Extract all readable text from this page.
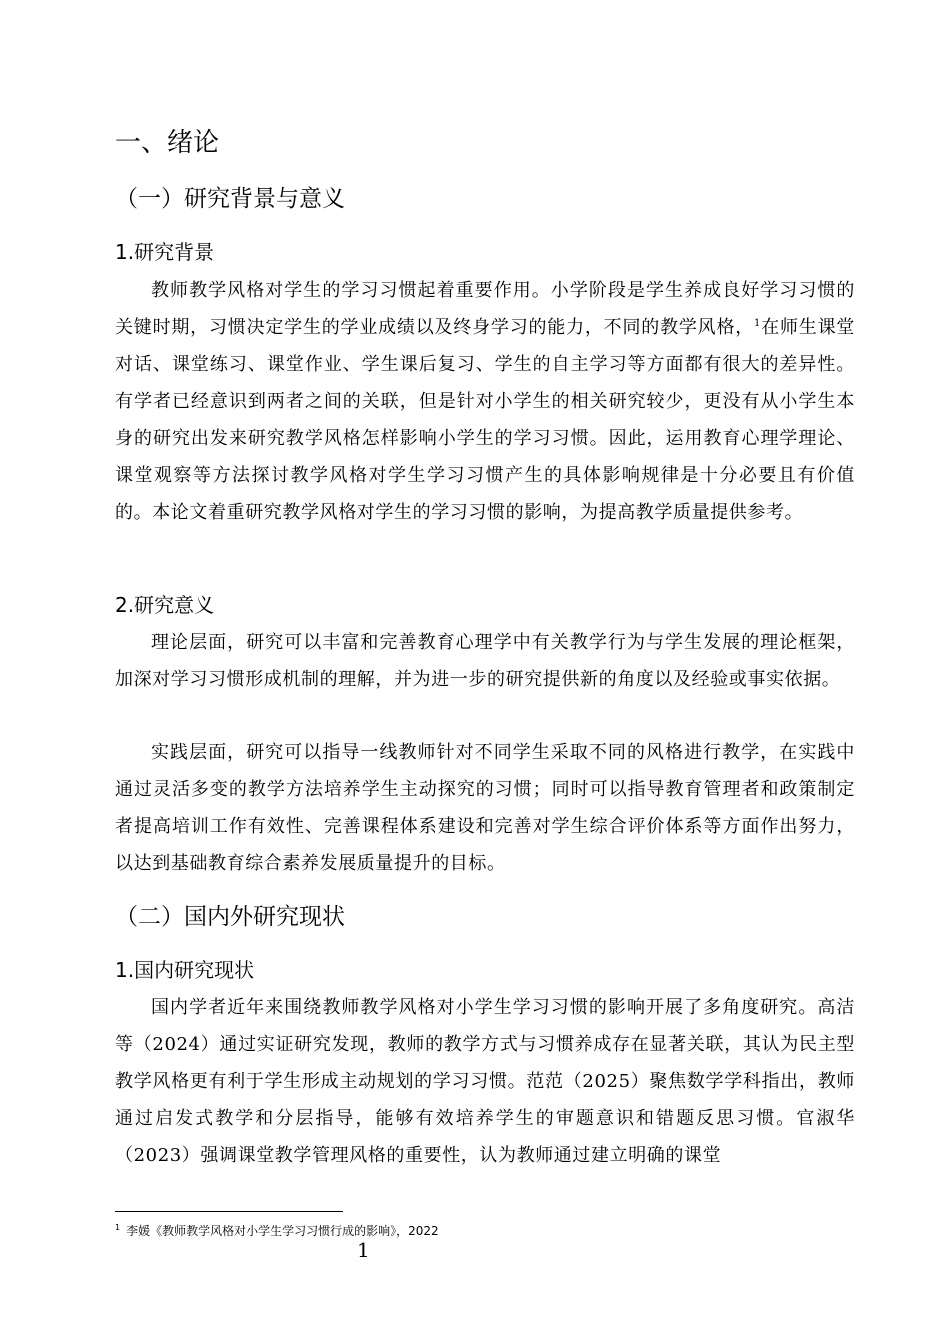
一、绪论
（一）研究背景与意义
1.研究背景

教师教学风格对学生的学习习惯起着重要作用。小学阶段是学生养成良好学习习惯的关键时期，习惯决定学生的学业成绩以及终身学习的能力，不同的教学风格，$^1$在师生课堂对话、课堂练习、课堂作业、学生课后复习、学生的自主学习等方面都有很大的差异性。有学者已经意识到两者之间的关联，但是针对小学生的相关研究较少，更没有从小学生本身的研究出发来研究教学风格怎样影响小学生的学习习惯。因此，运用教育心理学理论、课堂观察等方法探讨教学风格对学生学习习惯产生的具体影响规律是十分必要且有价值的。本论文着重研究教学风格对学生的学习习惯的影响，为提高教学质量提供参考。

2.研究意义

理论层面，研究可以丰富和完善教育心理学中有关教学行为与学生发展的理论框架，加深对学习习惯形成机制的理解，并为进一步的研究提供新的角度以及经验或事实依据。

实践层面，研究可以指导一线教师针对不同学生采取不同的风格进行教学，在实践中通过灵活多变的教学方法培养学生主动探究的习惯；同时可以指导教育管理者和政策制定者提高培训工作有效性、完善课程体系建设和完善对学生综合评价体系等方面作出努力，以达到基础教育综合素养发展质量提升的目标。

（二）国内外研究现状
1.国内研究现状

国内学者近年来围绕教师教学风格对小学生学习习惯的影响开展了多角度研究。高洁等（2024）通过实证研究发现，教师的教学方式与习惯养成存在显著关联，其认为民主型教学风格更有利于学生形成主动规划的学习习惯。范范（2025）聚焦数学学科指出，教师通过启发式教学和分层指导，能够有效培养学生的审题意识和错题反思习惯。官淑华（2023）强调课堂教学管理风格的重要性，认为教师通过建立明确的课堂

$^1$ 李媛《教师教学风格对小学生学习习惯行成的影响》，2022
1
